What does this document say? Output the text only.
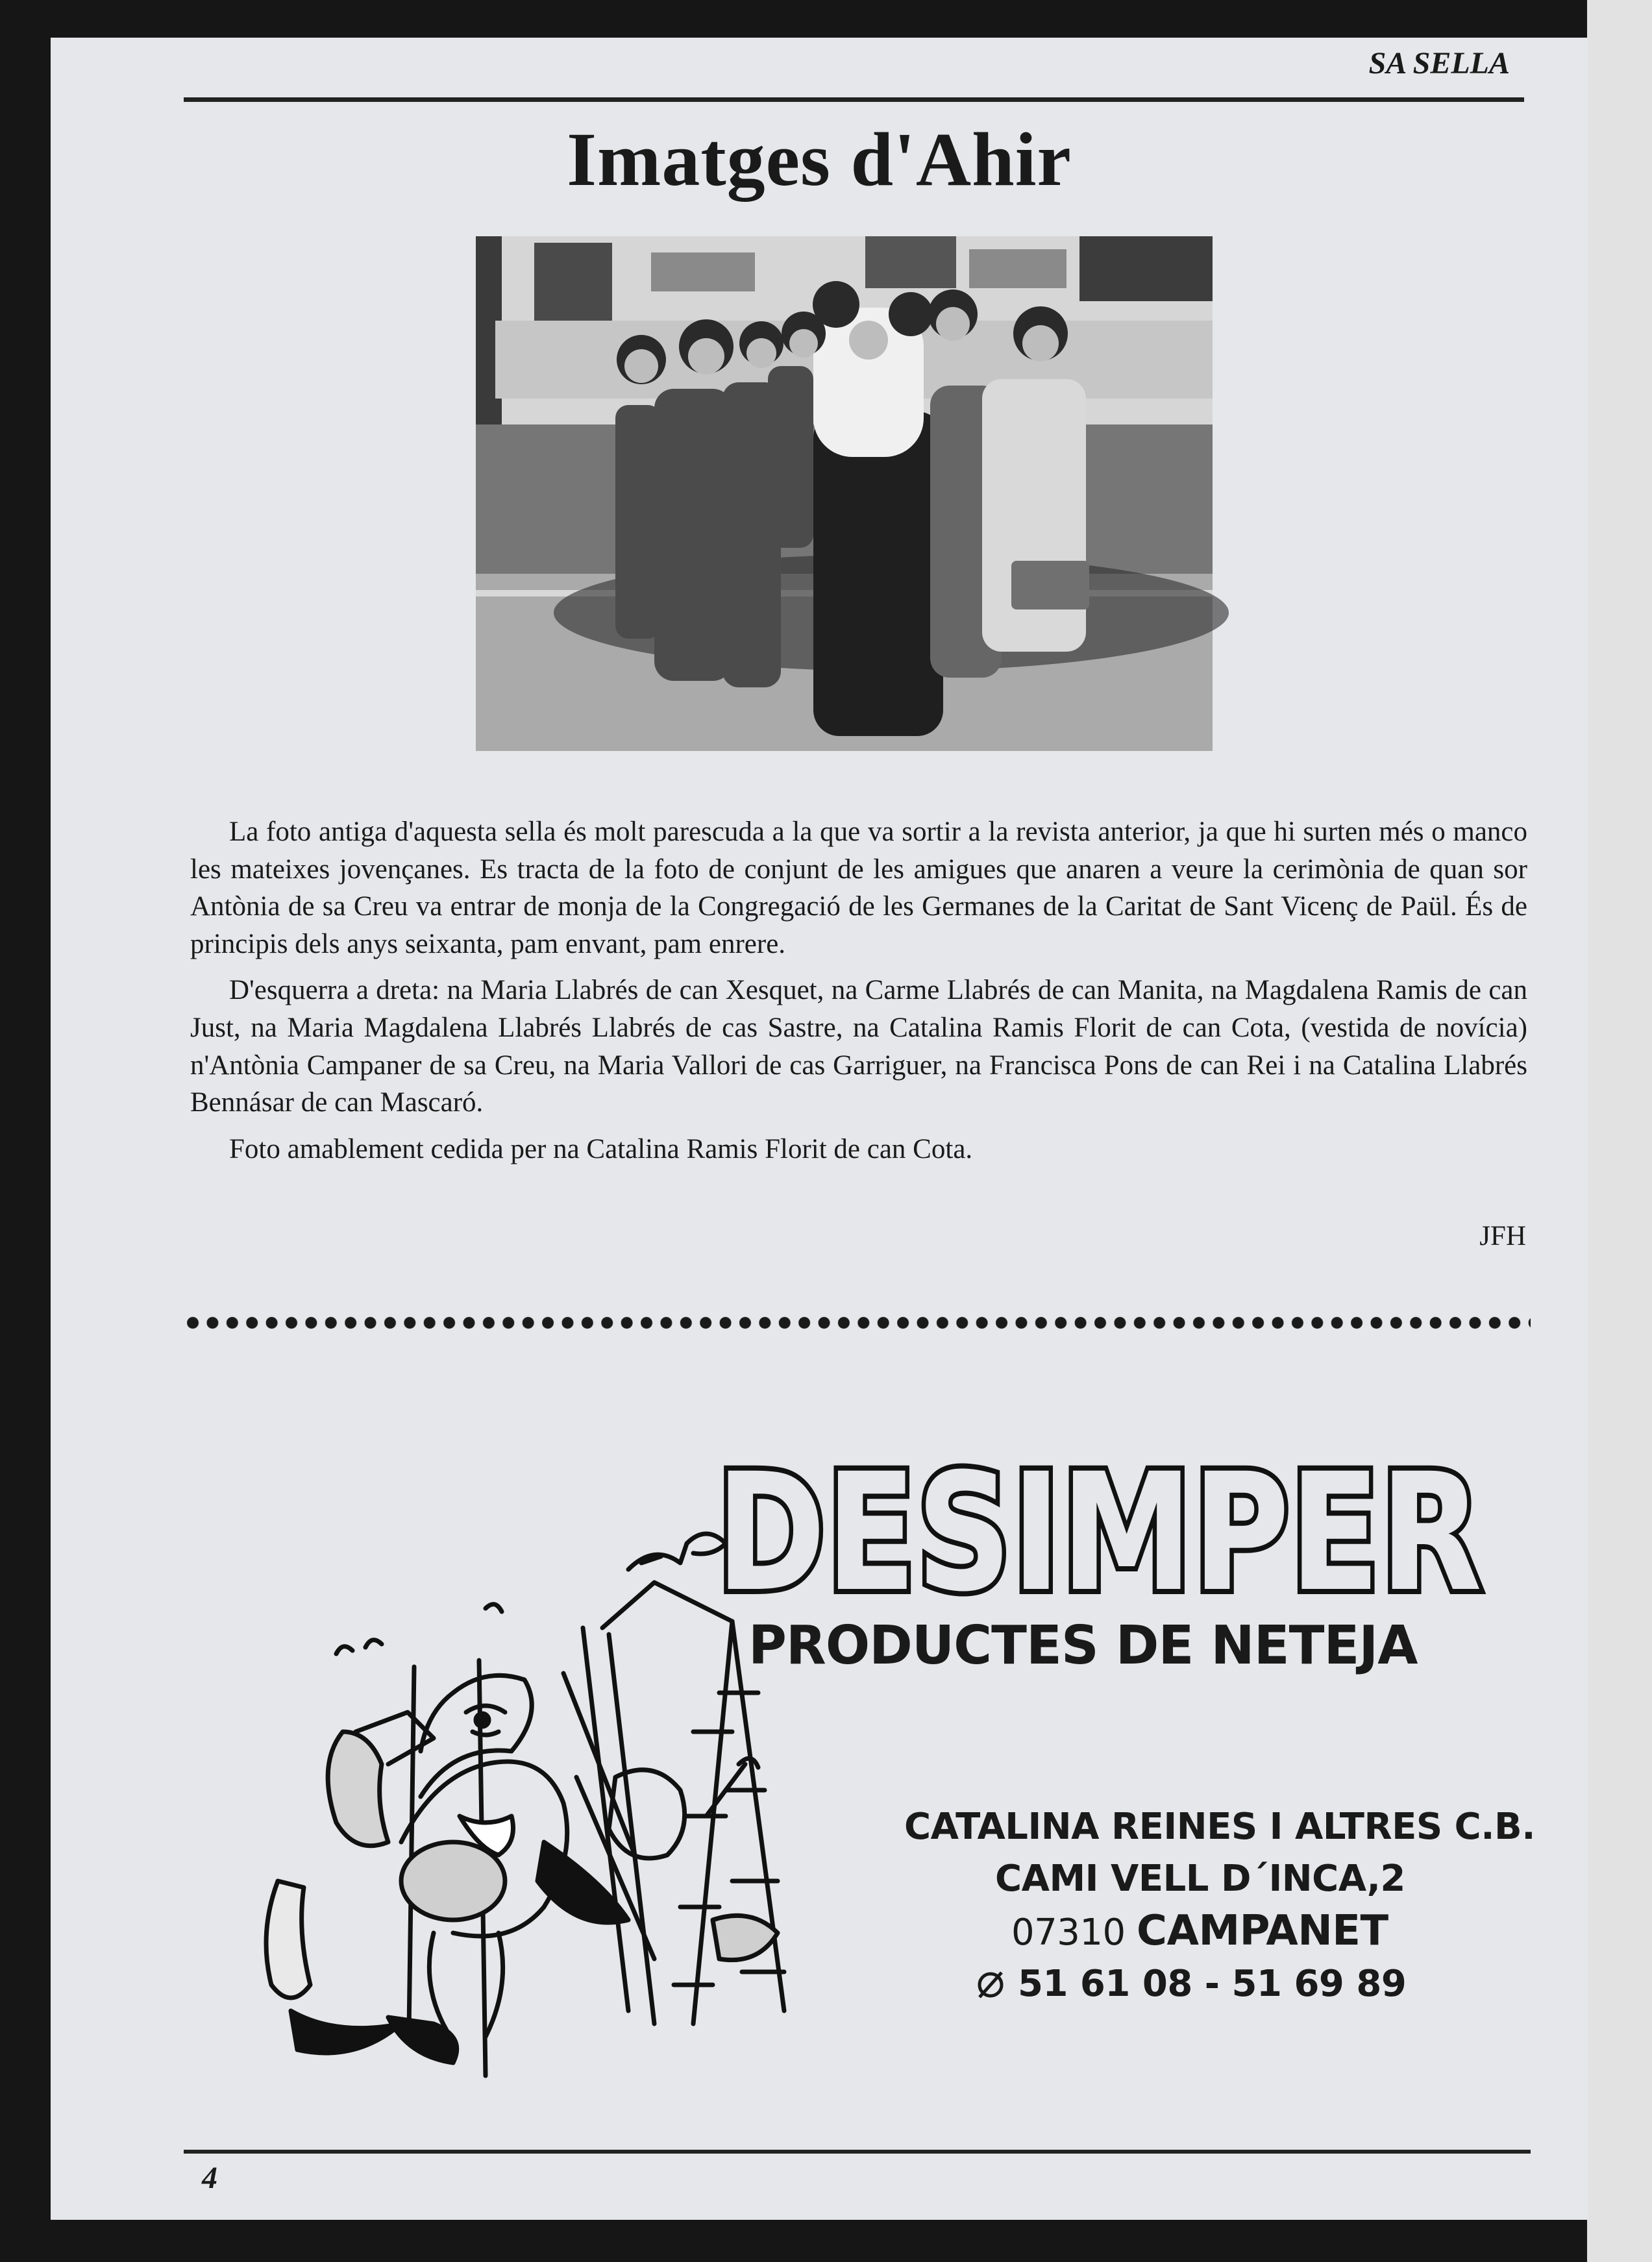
SA SELLA
Imatges d'Ahir

La foto antiga d'aquesta sella és molt parescuda a la que va sortir a la revista anterior, ja que hi surten més o manco les mateixes jovençanes. Es tracta de la foto de conjunt de les amigues que anaren a veure la cerimònia de quan sor Antònia de sa Creu va entrar de monja de la Congregació de les Germanes de la Caritat de Sant Vicenç de Paül. És de principis dels anys seixanta, pam envant, pam enrere.

D'esquerra a dreta: na Maria Llabrés de can Xesquet, na Carme Llabrés de can Manita, na Magdalena Ramis de can Just, na Maria Magdalena Llabrés Llabrés de cas Sastre, na Catalina Ramis Florit de can Cota, (vestida de novícia) n'Antònia Campaner de sa Creu, na Maria Vallori de cas Garriguer, na Francisca Pons de can Rei i na Catalina Llabrés Bennásar de can Mascaró.

Foto amablement cedida per na Catalina Ramis Florit de can Cota.

JFH
DESIMPER
PRODUCTES DE NETEJA
CATALINA REINES I ALTRES C.B.
CAMI VELL D´INCA,2
07310 CAMPANET
51 61 08 - 51 69 89
4
